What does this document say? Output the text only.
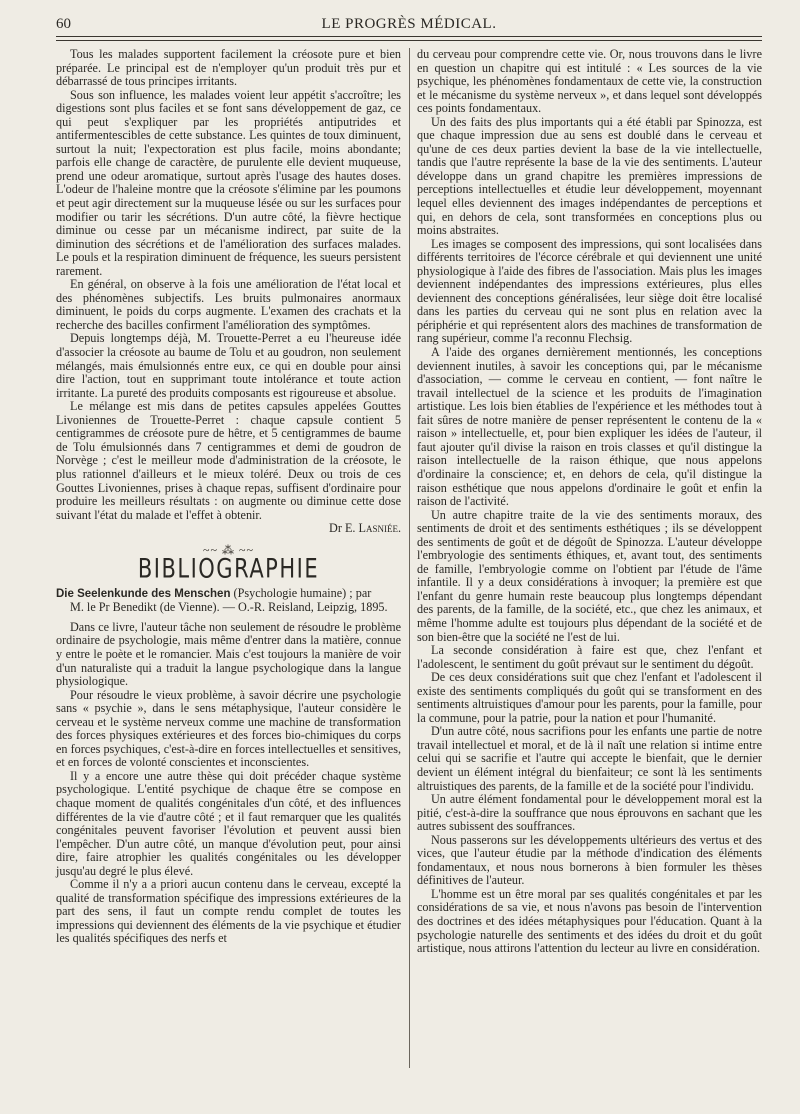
60	LE PROGRÈS MÉDICAL.

Tous les malades supportent facilement la créosote pure et bien préparée. Le principal est de n'employer qu'un produit très pur et débarrassé de tous principes irritants.

Sous son influence, les malades voient leur appétit s'accroître; les digestions sont plus faciles et se font sans développement de gaz, ce qui peut s'expliquer par les propriétés antiputrides et antifermentescibles de cette substance. Les quintes de toux diminuent, surtout la nuit; l'expectoration est plus facile, moins abondante; parfois elle change de caractère, de purulente elle devient muqueuse, prend une odeur aromatique, surtout après l'usage des hautes doses. L'odeur de l'haleine montre que la créosote s'élimine par les poumons et peut agir directement sur la muqueuse lésée ou sur les surfaces pour modifier ou tarir les sécrétions. D'un autre côté, la fièvre hectique diminue ou cesse par un mécanisme indirect, par suite de la diminution des sécrétions et de l'amélioration des surfaces malades. Le pouls et la respiration diminuent de fréquence, les sueurs persistent rarement.

En général, on observe à la fois une amélioration de l'état local et des phénomènes subjectifs. Les bruits pulmonaires anormaux diminuent, le poids du corps augmente. L'examen des crachats et la recherche des bacilles confirment l'amélioration des symptômes.

Depuis longtemps déjà, M. Trouette-Perret a eu l'heureuse idée d'associer la créosote au baume de Tolu et au goudron, non seulement mélangés, mais émulsionnés entre eux, ce qui en double pour ainsi dire l'action, tout en supprimant toute intolérance et toute action irritante. La pureté des produits composants est rigoureuse et absolue.

Le mélange est mis dans de petites capsules appelées Gouttes Livoniennes de Trouette-Perret : chaque capsule contient 5 centigrammes de créosote pure de hêtre, et 5 centigrammes de baume de Tolu émulsionnés dans 7 centigrammes et demi de goudron de Norvège ; c'est le meilleur mode d'administration de la créosote, le plus rationnel d'ailleurs et le mieux toléré. Deux ou trois de ces Gouttes Livoniennes, prises à chaque repas, suffisent d'ordinaire pour produire les meilleurs résultats : on augmente ou diminue cette dose suivant l'état du malade et l'effet à obtenir.

Dr E. Lasniée.

~~ ⁂ ~~
BIBLIOGRAPHIE

Die Seelenkunde des Menschen (Psychologie humaine) ; par

M. le Pr Benedikt (de Vienne). — O.-R. Reisland, Leipzig, 1895.

Dans ce livre, l'auteur tâche non seulement de résoudre le problème ordinaire de psychologie, mais même d'entrer dans la matière, connue y entre le poète et le romancier. Mais c'est toujours la manière de voir d'un naturaliste qui a traduit la langue psychologique dans la langue physiologique.

Pour résoudre le vieux problème, à savoir décrire une psychologie sans « psychie », dans le sens métaphysique, l'auteur considère le cerveau et le système nerveux comme une machine de transformation des forces physiques extérieures et des forces bio-chimiques du corps en forces psychiques, c'est-à-dire en forces intellectuelles et sensitives, et en forces de volonté conscientes et inconscientes.

Il y a encore une autre thèse qui doit précéder chaque système psychologique. L'entité psychique de chaque être se compose en chaque moment de qualités congénitales d'un côté, et des influences différentes de la vie d'autre côté ; et il faut remarquer que les qualités congénitales peuvent favoriser l'évolution et peuvent aussi bien l'empêcher. D'un autre côté, un manque d'évolution peut, pour ainsi dire, faire atrophier les qualités congénitales ou les développer jusqu'au degré le plus élevé.

Comme il n'y a a priori aucun contenu dans le cerveau, excepté la qualité de transformation spécifique des impressions extérieures de la part des sens, il faut un compte rendu complet de toutes les impressions qui deviennent des éléments de la vie psychique et étudier les qualités spécifiques des nerfs et

du cerveau pour comprendre cette vie. Or, nous trouvons dans le livre en question un chapitre qui est intitulé : « Les sources de la vie psychique, les phénomènes fondamentaux de cette vie, la construction et le mécanisme du système nerveux », et dans lequel sont développés ces points fondamentaux.

Un des faits des plus importants qui a été établi par Spinozza, est que chaque impression due au sens est doublé dans le cerveau et qu'une de ces deux parties devient la base de la vie intellectuelle, tandis que l'autre représente la base de la vie des sentiments. L'auteur développe dans un grand chapitre les premières impressions de perceptions intellectuelles et étudie leur développement, moyennant lequel elles deviennent des images indépendantes de perceptions et qui, en dehors de cela, sont transformées en conceptions plus ou moins abstraites.

Les images se composent des impressions, qui sont localisées dans différents territoires de l'écorce cérébrale et qui deviennent une unité physiologique à l'aide des fibres de l'association. Mais plus les images deviennent indépendantes des impressions extérieures, plus elles deviennent des conceptions généralisées, leur siège doit être localisé dans les parties du cerveau qui ne sont plus en relation avec la périphérie et qui représentent alors des machines de transformation de rang supérieur, comme l'a reconnu Flechsig.

A l'aide des organes dernièrement mentionnés, les conceptions deviennent inutiles, à savoir les conceptions qui, par le mécanisme d'association, — comme le cerveau en contient, — font naître le travail intellectuel de la science et les produits de l'imagination artistique. Les lois bien établies de l'expérience et les méthodes tout à fait sûres de notre manière de penser représentent le contenu de la « raison » intellectuelle, et, pour bien expliquer les idées de l'auteur, il faut ajouter qu'il divise la raison en trois classes et qu'il distingue la raison intellectuelle de la raison éthique, que nous appelons d'ordinaire la conscience; et, en dehors de cela, qu'il distingue la raison esthétique que nous appelons d'ordinaire le goût et enfin la raison de l'activité.

Un autre chapitre traite de la vie des sentiments moraux, des sentiments de droit et des sentiments esthétiques ; ils se développent des sentiments de goût et de dégoût de Spinozza. L'auteur développe l'embryologie des sentiments éthiques, et, avant tout, des sentiments de famille, l'embryologie comme on l'obtient par l'étude de l'âme infantile. Il y a deux considérations à invoquer; la première est que l'enfant du genre humain reste beaucoup plus longtemps dépendant des parents, de la famille, de la société, etc., que chez les animaux, et même l'homme adulte est toujours plus dépendant de la société et de son bien-être que la société ne l'est de lui.

La seconde considération à faire est que, chez l'enfant et l'adolescent, le sentiment du goût prévaut sur le sentiment du dégoût.

De ces deux considérations suit que chez l'enfant et l'adolescent il existe des sentiments compliqués du goût qui se transforment en des sentiments altruistiques d'amour pour les parents, pour la famille, pour la commune, pour la patrie, pour la nation et pour l'humanité.

D'un autre côté, nous sacrifions pour les enfants une partie de notre travail intellectuel et moral, et de là il naît une relation si intime entre celui qui se sacrifie et l'autre qui accepte le bienfait, que le dernier devient un élément intégral du bienfaiteur; ce sont là les sentiments altruistiques des parents, de la famille et de la société pour l'individu.

Un autre élément fondamental pour le développement moral est la pitié, c'est-à-dire la souffrance que nous éprouvons en sachant que les autres subissent des souffrances.

Nous passerons sur les développements ultérieurs des vertus et des vices, que l'auteur étudie par la méthode d'indication des éléments fondamentaux, et nous nous bornerons à bien formuler les thèses définitives de l'auteur.

L'homme est un être moral par ses qualités congénitales et par les considérations de sa vie, et nous n'avons pas besoin de l'intervention des doctrines et des idées métaphysiques pour l'éducation. Quant à la psychologie naturelle des sentiments et des idées du droit et du goût artistique, nous attirons l'attention du lecteur au livre en considération.
